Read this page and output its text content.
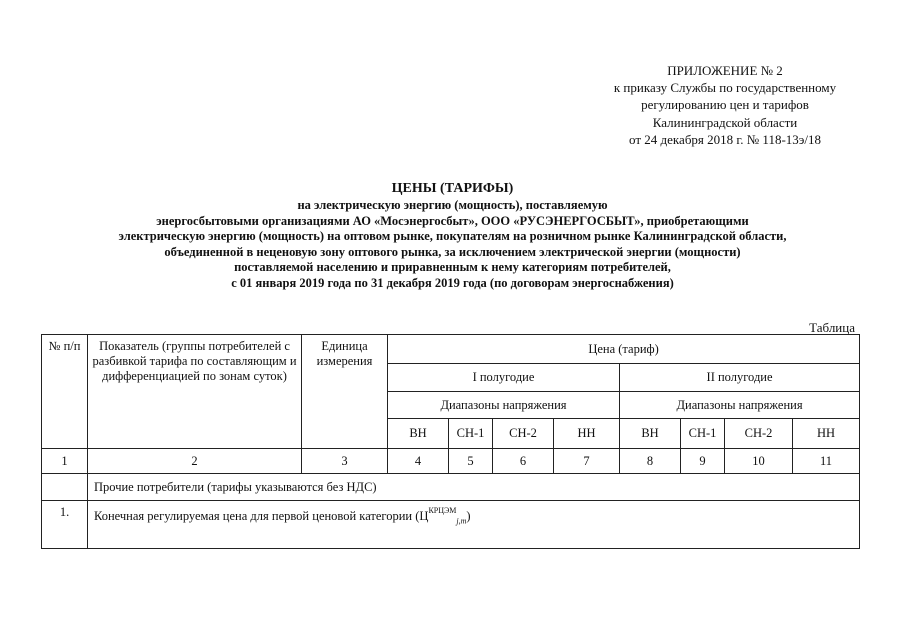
ПРИЛОЖЕНИЕ № 2
к приказу Службы по государственному
регулированию цен и тарифов
Калининградской области
от 24 декабря 2018 г. № 118-13э/18
ЦЕНЫ (ТАРИФЫ)
на электрическую энергию (мощность), поставляемую
энергосбытовыми организациями АО «Мосэнергосбыт», ООО «РУСЭНЕРГОСБЫТ», приобретающими
электрическую энергию (мощность) на оптовом рынке, покупателям на розничном рынке Калининградской области,
объединенной в неценовую зону оптового рынка, за исключением электрической энергии (мощности)
поставляемой населению и приравненным к нему категориям потребителей,
с 01 января 2019 года по 31 декабря 2019 года (по договорам энергоснабжения)
Таблица
№ п/п	Показатель (группы потребителей с разбивкой тарифа по составляющим и дифференциацией по зонам суток)	Единица измерения	Цена (тариф)							
			I полугодие				II полугодие			
			Диапазоны напряжения				Диапазоны напряжения			
			ВН	СН-1	СН-2	НН	ВН	СН-1	СН-2	НН
1	2	3	4	5	6	7	8	9	10	11
	Прочие потребители (тарифы указываются без НДС)									
1.	Конечная регулируемая цена для первой ценовой категории $(Ц^{КРЦЭМ}_{j,m})$									
